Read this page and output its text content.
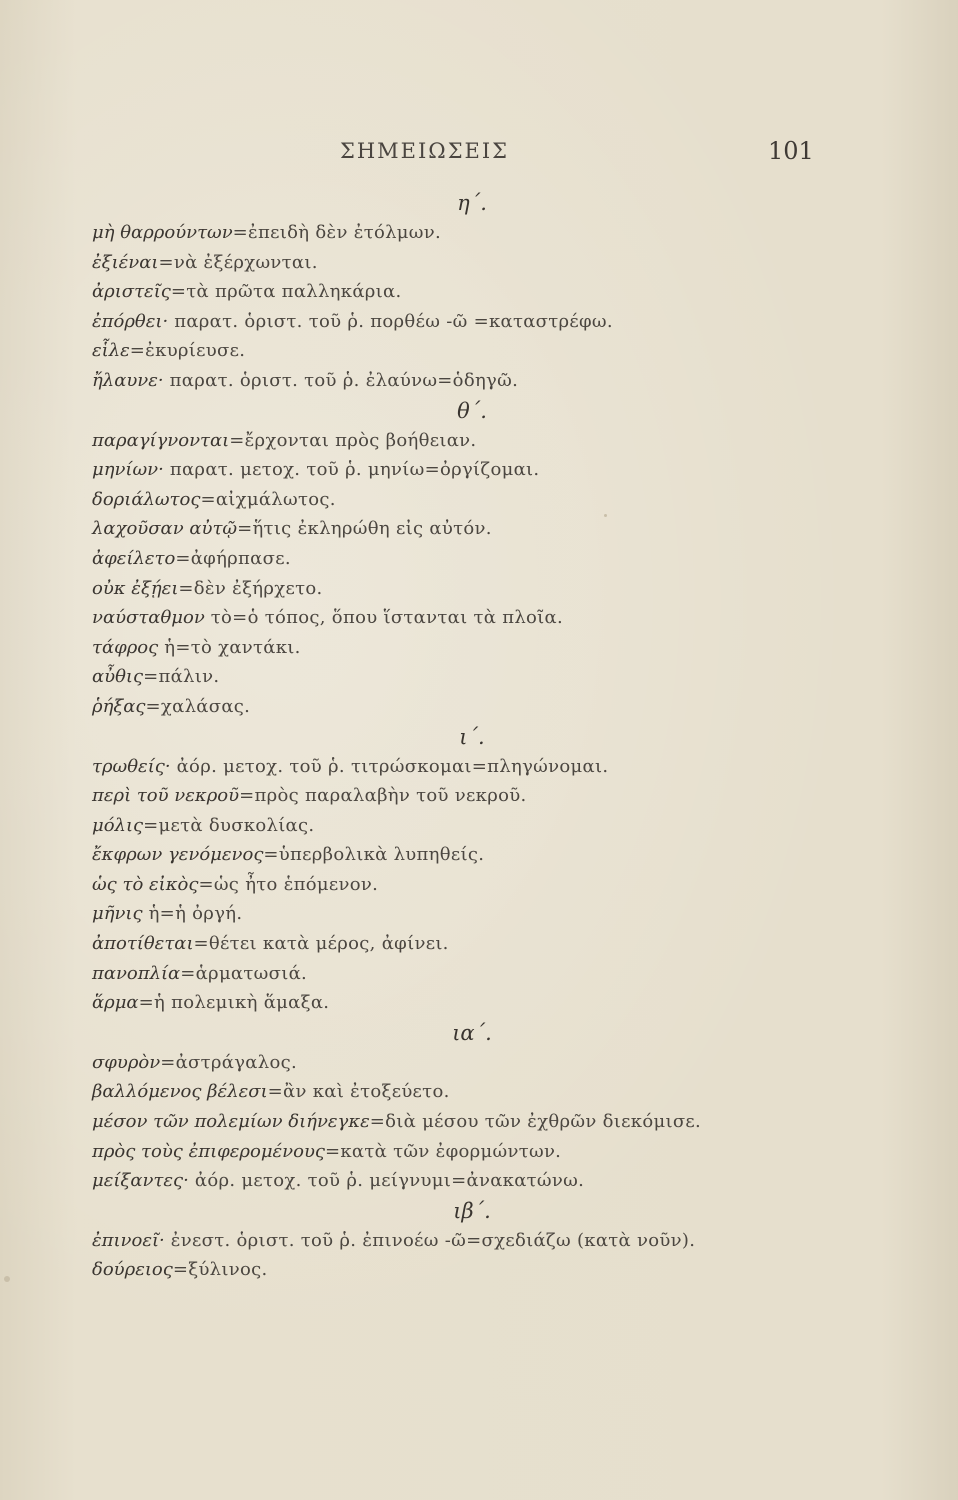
ΣΗΜΕΙΩΣΕΙΣ	101
η΄.
μὴ θαρρούντων=ἐπειδὴ δὲν ἐτόλμων.
ἐξιέναι=νὰ ἐξέρχωνται.
ἀριστεῖς=τὰ πρῶτα παλληκάρια.
ἐπόρθει· παρατ. ὁριστ. τοῦ ῥ. πορθέω -ῶ =καταστρέφω.
εἷλε=ἐκυρίευσε.
ἤλαυνε· παρατ. ὁριστ. τοῦ ῥ. ἐλαύνω=ὁδηγῶ.
θ΄.
παραγίγνονται=ἔρχονται πρὸς βοήθειαν.
μηνίων· παρατ. μετοχ. τοῦ ῥ. μηνίω=ὀργίζομαι.
δοριάλωτος=αἰχμάλωτος.
λαχοῦσαν αὐτῷ=ἥτις ἐκληρώθη εἰς αὐτόν.
ἀφείλετο=ἀφήρπασε.
οὐκ ἐξῄει=δὲν ἐξήρχετο.
ναύσταθμον τὸ=ὁ τόπος, ὅπου ἵστανται τὰ πλοῖα.
τάφρος ἡ=τὸ χαντάκι.
αὖθις=πάλιν.
ῥήξας=χαλάσας.
ι΄.
τρωθείς· ἀόρ. μετοχ. τοῦ ῥ. τιτρώσκομαι=πληγώνομαι.
περὶ τοῦ νεκροῦ=πρὸς παραλαβὴν τοῦ νεκροῦ.
μόλις=μετὰ δυσκολίας.
ἔκφρων γενόμενος=ὑπερβολικὰ λυπηθείς.
ὡς τὸ εἰκὸς=ὡς ἦτο ἑπόμενον.
μῆνις ἡ=ἡ ὀργή.
ἀποτίθεται=θέτει κατὰ μέρος, ἀφίνει.
πανοπλία=ἁρματωσιά.
ἅρμα=ἡ πολεμικὴ ἅμαξα.
ια΄.
σφυρὸν=ἀστράγαλος.
βαλλόμενος βέλεσι=ἂν καὶ ἐτοξεύετο.
μέσον τῶν πολεμίων διήνεγκε=διὰ μέσου τῶν ἐχθρῶν διεκόμισε.
πρὸς τοὺς ἐπιφερομένους=κατὰ τῶν ἐφορμώντων.
μείξαντες· ἀόρ. μετοχ. τοῦ ῥ. μείγνυμι=ἀνακατώνω.
ιβ΄.
ἐπινοεῖ· ἐνεστ. ὁριστ. τοῦ ῥ. ἐπινοέω -ῶ=σχεδιάζω (κατὰ νοῦν).
δούρειος=ξύλινος.
